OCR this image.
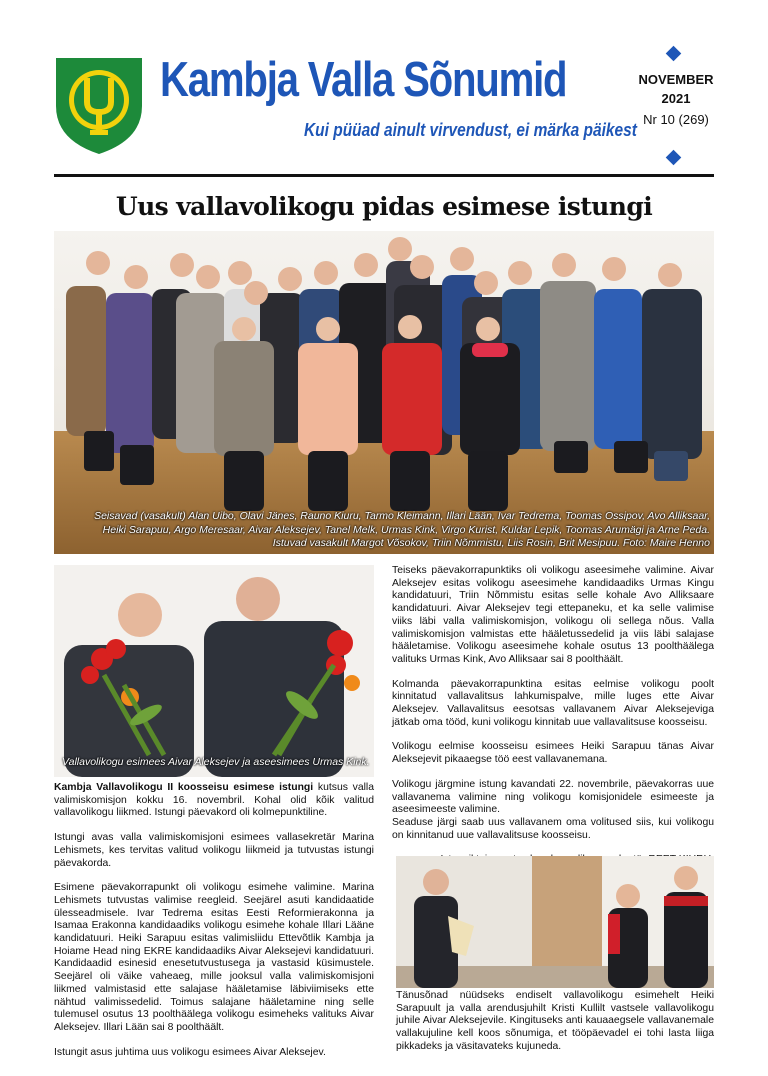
Kambja Valla Sõnumid
Kui püüad ainult virvendust, ei märka päikest
NOVEMBER
2021
Nr 10 (269)
Uus vallavolikogu pidas esimese istungi
Seisavad (vasakult) Alan Uibo, Olavi Jänes, Rauno Kiuru, Tarmo Kleimann, Illari Lään, Ivar Tedrema, Toomas Ossipov, Avo Alliksaar, Heiki Sarapuu, Argo Meresaar, Aivar Aleksejev, Tanel Melk, Urmas Kink, Virgo Kurist, Kuldar Lepik, Toomas Arumägi ja Arne Peda. Istuvad vasakult Margot Võsokov, Triin Nõmmistu, Liis Rosin, Brit Mesipuu. Foto: Maire Henno
Vallavolikogu esimees Aivar Aleksejev ja aseesimees Urmas Kink.

Kambja Vallavolikogu II koosseisu esimese istungi kutsus valla valimiskomisjon kokku 16. novembril. Kohal olid kõik valitud vallavolikogu liikmed. Istungi päevakord oli kolmepunktiline.

Istungi avas valla valimiskomisjoni esimees vallasekretär Marina Lehismets, kes tervitas valitud volikogu liikmeid ja tutvustas istungi päevakorda.

Esimene päevakorrapunkt oli volikogu esimehe valimine. Marina Lehismets tutvustas valimise reegleid. Seejärel asuti kandidaatide ülesseadmisele. Ivar Tedrema esitas Eesti Reformierakonna ja Isamaa Erakonna kandidaadiks volikogu esimehe kohale Illari Lääne kandidatuuri. Heiki Sarapuu esitas valimisliidu Ettevõtlik Kambja ja Hoiame Head ning EKRE kandidaadiks Aivar Aleksejevi kandidatuuri. Kandidaadid esinesid enesetutvustusega ja vastasid küsimustele. Seejärel oli väike vaheaeg, mille jooksul valla valimiskomisjoni liikmed valmistasid ette salajase hääletamise läbiviimiseks ette nähtud valimissedelid. Toimus salajane hääletamine ning selle tulemusel osutus 13 poolthäälega volikogu esimeheks valituks Aivar Aleksejev. Illari Lään sai 8 poolthäält.

Istungit asus juhtima uus volikogu esimees Aivar Aleksejev.

Teiseks päevakorrapunktiks oli volikogu aseesimehe valimine. Aivar Aleksejev esitas volikogu aseesimehe kandidaadiks Urmas Kingu kandidatuuri, Triin Nõmmistu esitas selle kohale Avo Alliksaare kandidatuuri. Aivar Aleksejev tegi ettepaneku, et ka selle valimise viiks läbi valla valimiskomisjon, volikogu oli sellega nõus. Valla valimiskomisjon valmistas ette hääletussedelid ja viis läbi salajase hääletamise. Volikogu aseesimehe kohale osutus 13 poolthäälega valituks Urmas Kink, Avo Alliksaar sai 8 poolthäält.

Kolmanda päevakorrapunktina esitas eelmise volikogu poolt kinnitatud vallavalitsus lahkumispalve, mille luges ette Aivar Aleksejev. Vallavalitsus eesotsas vallavanem Aivar Aleksejeviga jätkab oma tööd, kuni volikogu kinnitab uue vallavalitsuse koosseisu.

Volikogu eelmise koosseisu esimees Heiki Sarapuu tänas Aivar Aleksejevit pikaaegse töö eest vallavanemana.

Volikogu järgmine istung kavandati 22. novembrile, päevakorras uue vallavanema valimine ning volikogu komisjonidele esimeeste ja aseesimeeste valimine.

Seaduse järgi saab uus vallavanem oma volitused siis, kui volikogu on kinnitanud uue vallavalitsuse koosseisu.

Tänusõnad nüüdseks endiselt vallavolikogu esimehelt Heiki Sarapuult ja valla arendusjuhilt Kristi Kullilt vastsele vallavolikogu juhile Aivar Aleksejevile. Kingituseks anti kauaaegsele vallavanemale vallakujuline kell koos sõnumiga, et tööpäevadel ei tohi lasta liiga pikkadeks ja väsitavateks kujuneda.
